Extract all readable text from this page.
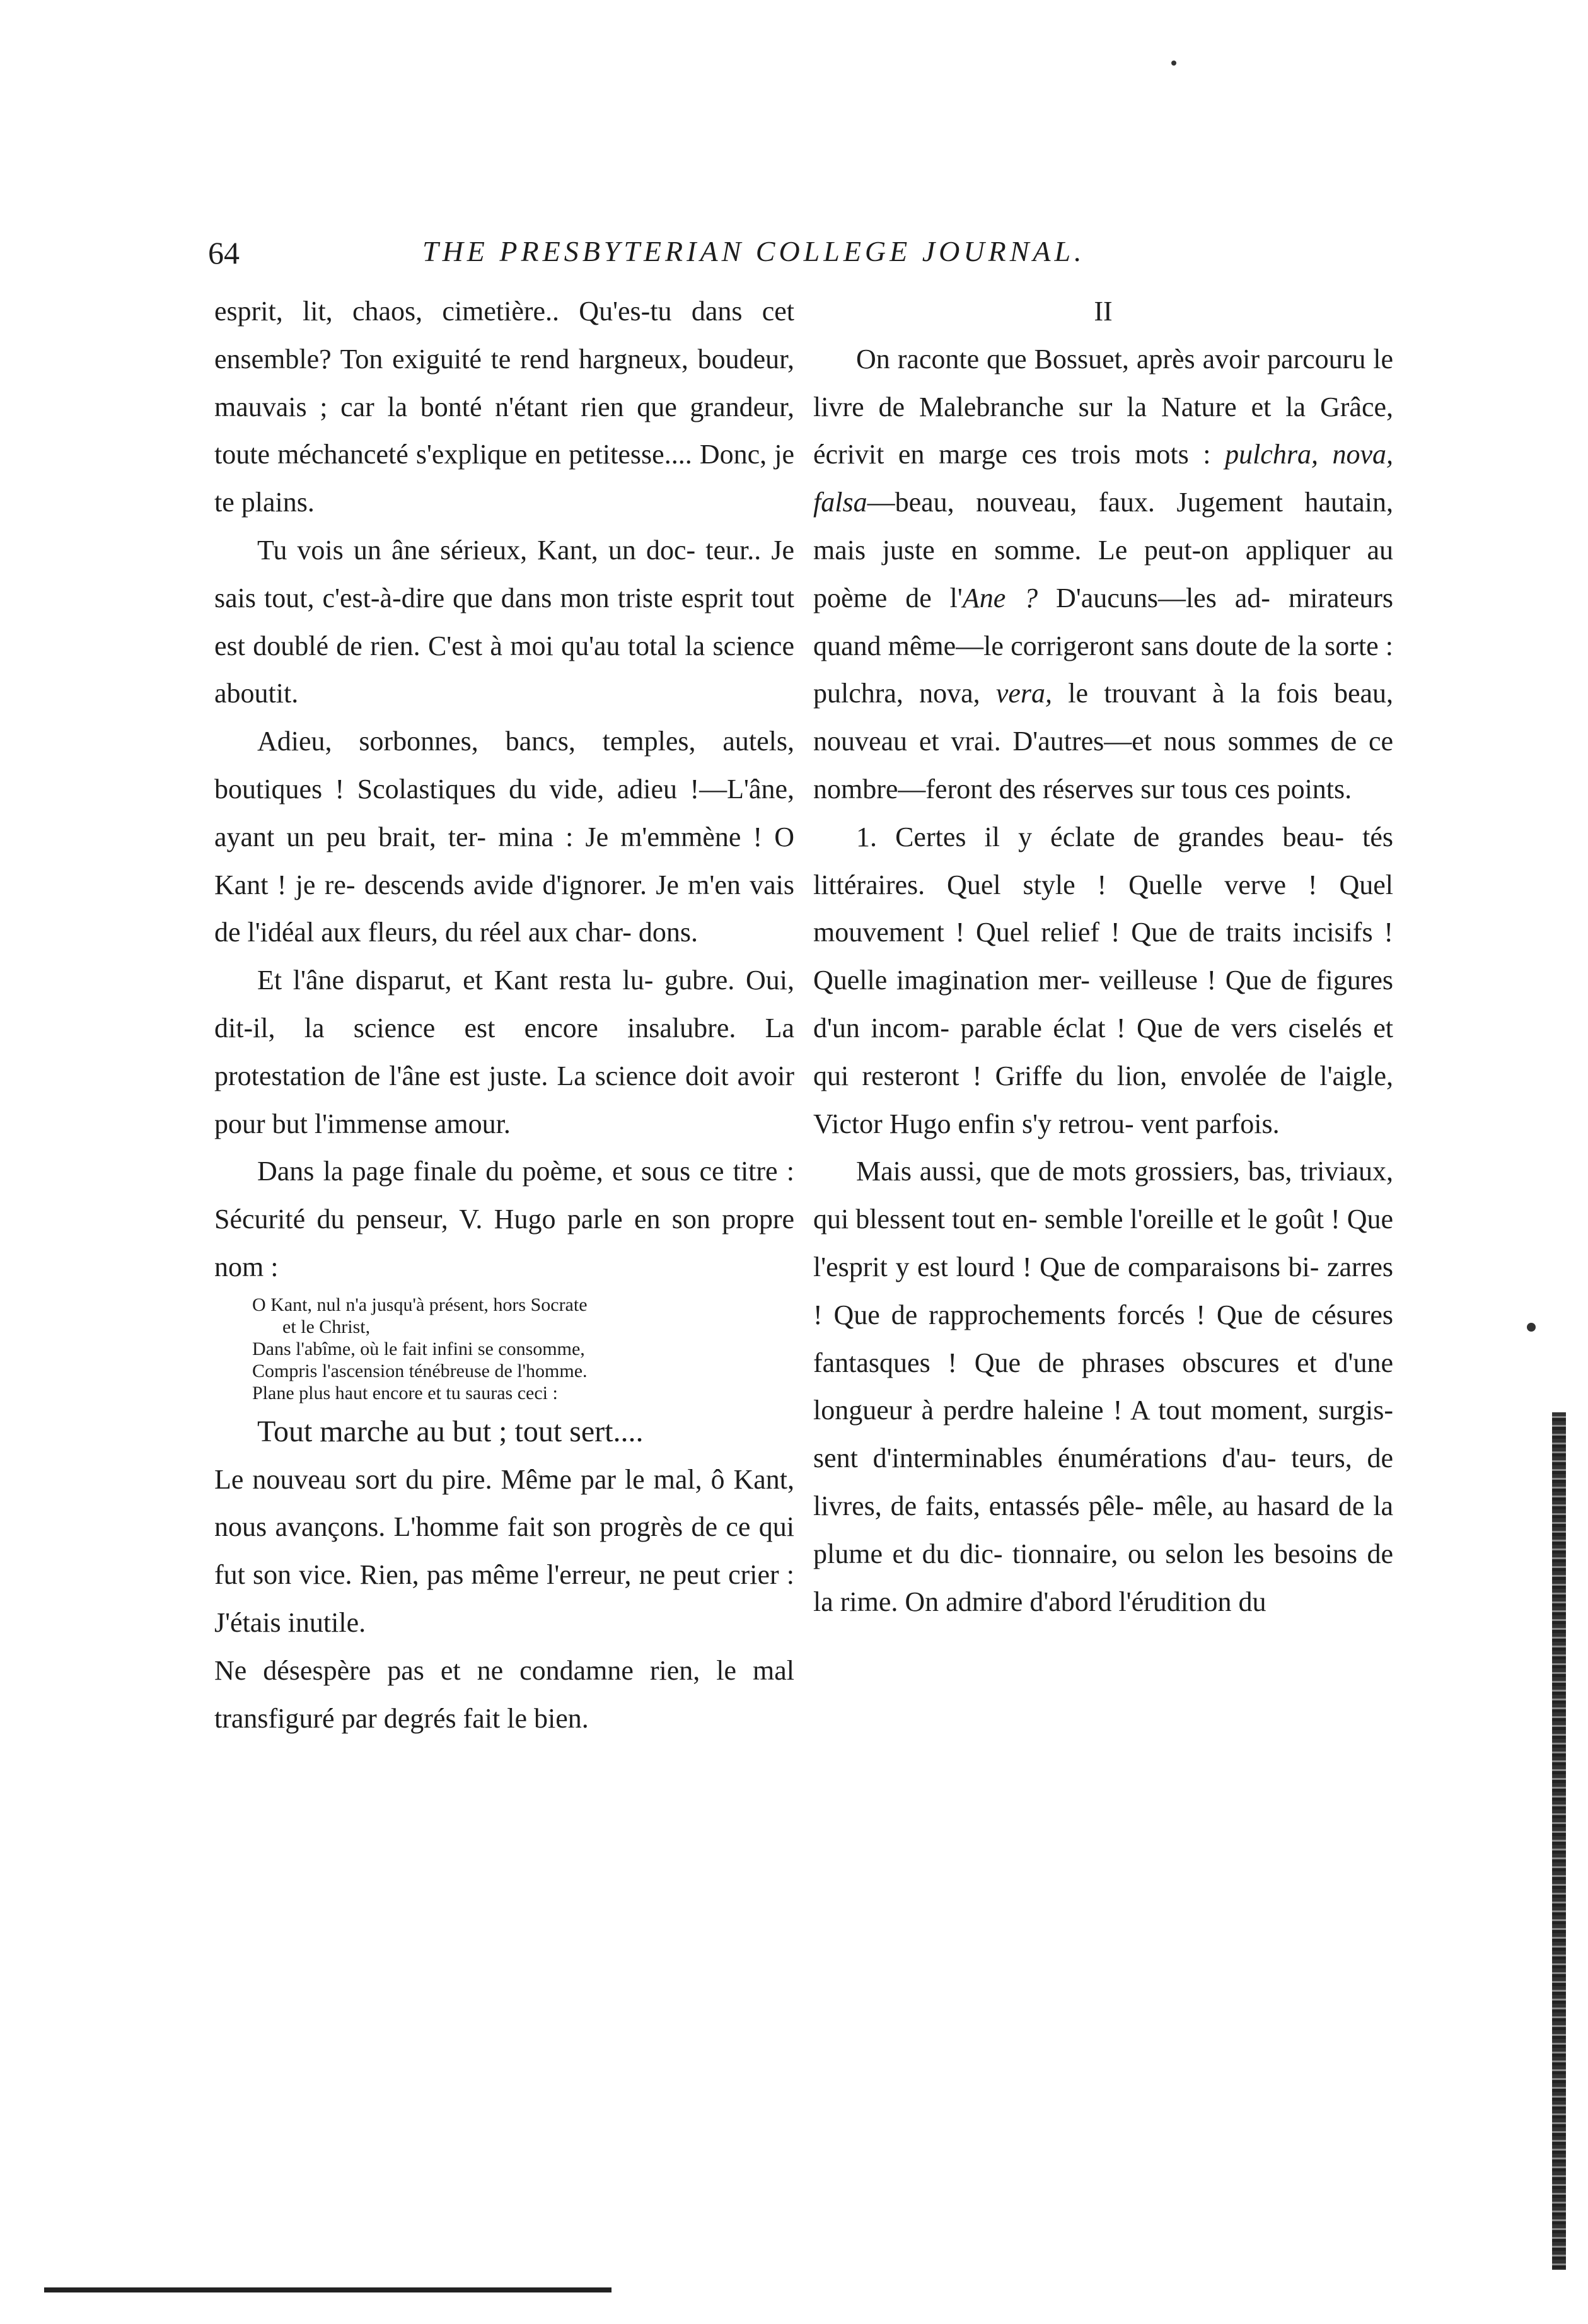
64	THE PRESBYTERIAN COLLEGE JOURNAL.

esprit, lit, chaos, cimetière.. Qu'es-tu dans cet ensemble? Ton exiguité te rend hargneux, boudeur, mauvais ; car la bonté n'étant rien que grandeur, toute méchanceté s'explique en petitesse.... Donc, je te plains.

Tu vois un âne sérieux, Kant, un doc- teur.. Je sais tout, c'est-à-dire que dans mon triste esprit tout est doublé de rien. C'est à moi qu'au total la science aboutit.

Adieu, sorbonnes, bancs, temples, autels, boutiques ! Scolastiques du vide, adieu !—L'âne, ayant un peu brait, ter- mina : Je m'emmène ! O Kant ! je re- descends avide d'ignorer. Je m'en vais de l'idéal aux fleurs, du réel aux char- dons.

Et l'âne disparut, et Kant resta lu- gubre. Oui, dit-il, la science est encore insalubre. La protestation de l'âne est juste. La science doit avoir pour but l'immense amour.

Dans la page finale du poème, et sous ce titre : Sécurité du penseur, V. Hugo parle en son propre nom :

O Kant, nul n'a jusqu'à présent, hors Socrate
et le Christ,
Dans l'abîme, où le fait infini se consomme,
Compris l'ascension ténébreuse de l'homme.
Plane plus haut encore et tu sauras ceci :

Tout marche au but ; tout sert....

Le nouveau sort du pire. Même par le mal, ô Kant, nous avançons. L'homme fait son progrès de ce qui fut son vice. Rien, pas même l'erreur, ne peut crier : J'étais inutile.

Ne désespère pas et ne condamne rien, le mal transfiguré par degrés fait le bien.

II

On raconte que Bossuet, après avoir parcouru le livre de Malebranche sur la Nature et la Grâce, écrivit en marge ces trois mots : pulchra, nova, falsa—beau, nouveau, faux. Jugement hautain, mais juste en somme. Le peut-on appliquer au poème de l'Ane ? D'aucuns—les ad- mirateurs quand même—le corrigeront sans doute de la sorte : pulchra, nova, vera, le trouvant à la fois beau, nouveau et vrai. D'autres—et nous sommes de ce nombre—feront des réserves sur tous ces points.

1. Certes il y éclate de grandes beau- tés littéraires. Quel style ! Quelle verve ! Quel mouvement ! Quel relief ! Que de traits incisifs ! Quelle imagination mer- veilleuse ! Que de figures d'un incom- parable éclat ! Que de vers ciselés et qui resteront ! Griffe du lion, envolée de l'aigle, Victor Hugo enfin s'y retrou- vent parfois.

Mais aussi, que de mots grossiers, bas, triviaux, qui blessent tout en- semble l'oreille et le goût ! Que l'esprit y est lourd ! Que de comparaisons bi- zarres ! Que de rapprochements forcés ! Que de césures fantasques ! Que de phrases obscures et d'une longueur à perdre haleine ! A tout moment, surgis- sent d'interminables énumérations d'au- teurs, de livres, de faits, entassés pêle- mêle, au hasard de la plume et du dic- tionnaire, ou selon les besoins de la rime. On admire d'abord l'érudition du
